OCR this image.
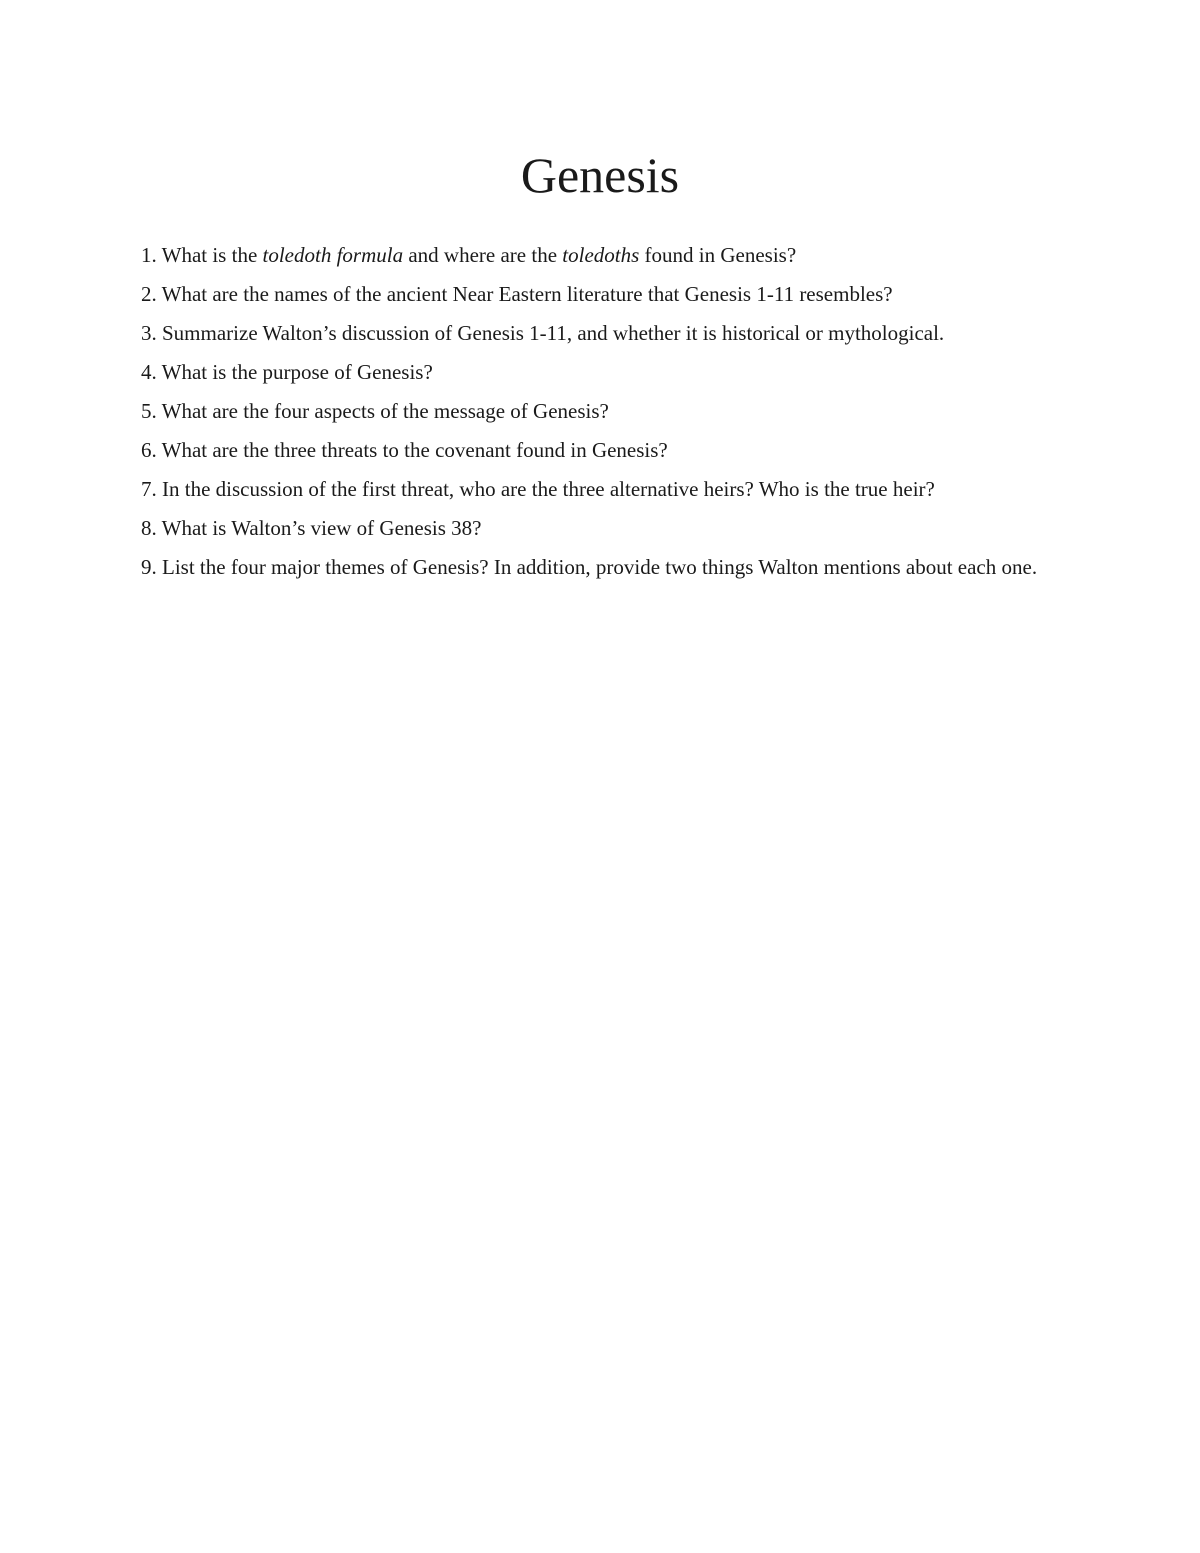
Genesis
1. What is the toledoth formula and where are the toledoths found in Genesis?
2. What are the names of the ancient Near Eastern literature that Genesis 1-11 resembles?
3. Summarize Walton’s discussion of Genesis 1-11, and whether it is historical or mythological.
4. What is the purpose of Genesis?
5. What are the four aspects of the message of Genesis?
6. What are the three threats to the covenant found in Genesis?
7. In the discussion of the first threat, who are the three alternative heirs? Who is the true heir?
8. What is Walton’s view of Genesis 38?
9. List the four major themes of Genesis? In addition, provide two things Walton mentions about each one.
